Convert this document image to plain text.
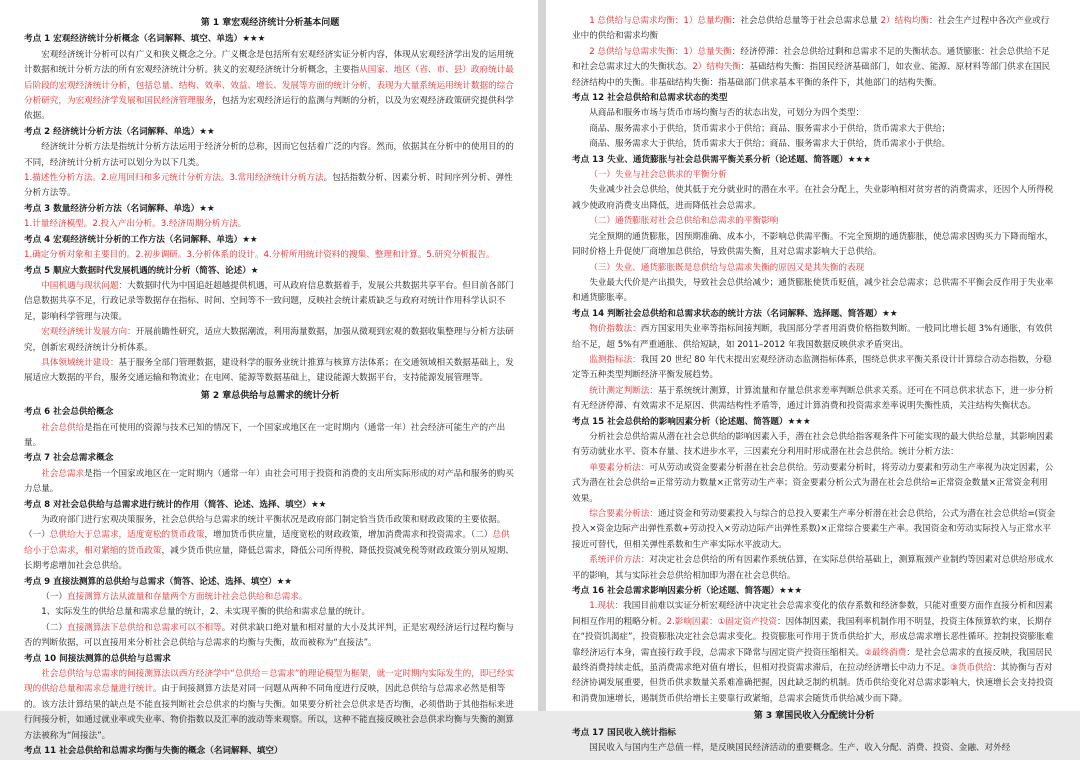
第 1 章宏观经济统计分析基本问题
考点 1 宏观经济统计分析概念（名词解释、填空、单选）★★★

宏观经济统计分析可以有广义和狭义概念之分。广义概念是包括所有宏观经济实证分析内容，体现从宏观经济学出发的运用统计数据和统计分析方法的所有宏观经济统计分析。狭义的宏观经济统计分析概念，主要指从国家、地区（省、市、县）政府统计最后阶段的宏观经济统计分析，包括总量、结构、效率、效益、增长、发展等方面的统计分析，表现为大量系统运用统计数据的综合分析研究，为宏观经济学发展和国民经济管理服务，包括为宏观经济运行的监测与判断的分析，以及为宏观经济政策研究提供科学依据。

考点 2 经济统计分析方法（名词解释、单选）★★

经济统计分析方法是指统计分析方法运用于经济分析的总称，因而它包括着广泛的内容。然而，依据其在分析中的使用目的的不同，经济统计分析方法可以划分为以下几类。

1.描述性分析方法。2.应用回归和多元统计分析方法。3.常用经济统计分析方法。包括指数分析、因素分析、时间序列分析、弹性分析方法等。

考点 3 数量经济分析方法（名词解释、单选）★★

1.计量经济模型。2.投入产出分析。3.经济周期分析方法。

考点 4 宏观经济统计分析的工作方法（名词解释、单选）★★

1.确定分析对象和主要目的。2.初步调研。3.分析体系的设计。4.分析所用统计资料的搜集、整理和计算。5.研究分析报告。

考点 5 顺应大数据时代发展机遇的统计分析（简答、论述）★

中国机遇与现状问题：大数据时代为中国追赶超越提供机遇，可从政府信息数据着手，发展公共数据共享平台。但目前各部门信息数据共享不足，行政记录等数据存在指标、时间、空间等不一致问题，反映社会统计素质缺乏与政府对统计作用科学认识不足，影响科学管理与决策。

宏观经济统计发展方向：开展前瞻性研究，适应大数据潮流，利用海量数据，加强从微观到宏观的数据收集整理与分析方法研究，创新宏观经济统计分析体系。

具体领域统计建设：基于服务全部门管理数据，建设科学的服务业统计推算与核算方法体系；在交通领域相关数据基础上，发展适应大数据的平台，服务交通运输和物流业；在电网、能源等数据基础上，建设能源大数据平台，支持能源发展管理等。

第 2 章总供给与总需求的统计分析
考点 6 社会总供给概念

社会总供给是指在可使用的资源与技术已知的情况下，一个国家或地区在一定时期内（通常一年）社会经济可能生产的产出量。

考点 7 社会总需求概念

社会总需求是指一个国家或地区在一定时期内（通常一年）由社会可用于投资和消费的支出所实际形成的对产品和服务的购买力总量。

考点 8 对社会总供给与总需求进行统计的作用（简答、论述、选择、填空）★★

为政府部门进行宏观决策服务，社会总供给与总需求的统计平衡状况是政府部门制定恰当货币政策和财政政策的主要依据。（一）总供给大于总需求，适度宽松的货币政策，增加货币供应量，适度宽松的财政政策，增加消费需求和投资需求。（二）总供给小于总需求，相对紧缩的货币政策，减少货币供应量，降低总需求，降低公司所得税、降低投资减免税等财政政策分别从短期、长期考虑增加社会总供给。

考点 9 直接法测算的总供给与总需求（简答、论述、选择、填空）★★

（一）直接测算方法从流量和存量两个方面统计社会总供给和总需求。

1、实际发生的供给总量和需求总量的统计，2、未实现平衡的供给和需求总量的统计。

（二）直接测算法下总供给和总需求可以不相等。对供求缺口绝对量和相对量的大小及其评判，正是宏观经济运行过程均衡与否的判断依据，可以直接用来分析社会总供给与总需求的均衡与失衡，故而被称为“直接法”。

考点 10 间接法测算的总供给与总需求

社会总供给与总需求的间接测算法以西方经济学中“总供给＝总需求”的理论模型为框架，就一定时期内实际发生的，即已经实现的供给总量和需求总量进行统计。由于间接测算方法是对同一问题从两种不同角度进行反映，因此总供给与总需求必然是相等的。该方法计算结果的缺点是不能直接判断社会总供求的均衡与失衡。如果要分析社会总供求是否均衡，必须借助于其他指标来进行间接分析，如通过就业率或失业率、物价指数以及汇率的波动等来观察。所以，这种不能直接反映社会总供求均衡与失衡的测算方法被称为“间接法”。

考点 11 社会总供给和总需求均衡与失衡的概念（名词解释、填空）

1 总供给与总需求均衡：1）总量均衡：社会总供给总量等于社会总需求总量 2）结构均衡：社会生产过程中各次产业或行业中的供给和需求均衡

2 总供给与总需求失衡：1）总量失衡：经济停滞：社会总供给过剩和总需求不足的失衡状态。通货膨胀：社会总供给不足和社会总需求过大的失衡状态。2）结构失衡：基础结构失衡：指国民经济基础部门，如农业、能源、原材料等部门供求在国民经济结构中的失衡。非基础结构失衡：指基础部门供求基本平衡的条件下，其他部门的结构失衡。

考点 12 社会总供给和总需求状态的类型

从商品和服务市场与货币市场均衡与否的状态出发，可划分为四个类型：

商品、服务需求小于供给，货币需求小于供给；商品、服务需求小于供给，货币需求大于供给；

商品、服务需求大于供给，货币需求大于供给；商品、服务需求大于供给，货币需求小于供给。

考点 13 失业、通货膨胀与社会总供需平衡关系分析（论述题、简答题）★★★

（一）失业与社会总供求的平衡分析

失业减少社会总供给，使其低于充分就业时的潜在水平。在社会分配上，失业影响相对贫穷者的消费需求，还因个人所得税减少使政府消费支出降低，进而降低社会总需求。

（二）通货膨胀对社会总供给和总需求的平衡影响

完全预期的通货膨胀，因预期准确、成本小，不影响总供需平衡。不完全预期的通货膨胀，使总需求因购买力下降而缩水，同时价格上升促使厂商增加总供给，导致供需失衡，且对总需求影响大于总供给。

（三）失业、通货膨胀既是总供给与总需求失衡的原因又是其失衡的表现

失业最大代价是产出损失，导致社会总供给减少；通货膨胀使货币贬值，减少社会总需求；总供需不平衡会反作用于失业率和通货膨胀率。

考点 14 判断社会总供给和总需求状态的统计方法（名词解释、选择题、简答题）★★

物价指数法：西方国家用失业率等指标间接判断，我国部分学者用消费价格指数判断。一般同比增长超 3%有通胀，有效供给不足，超 5%有严重通胀、供给短缺，如 2011–2012 年我国数据反映供求矛盾突出。

监测指标法：我国 20 世纪 80 年代末提出宏观经济动态监测指标体系，围绕总供求平衡关系设计计算综合动态指数，分稳定等五种类型判断经济平衡发展趋势。

统计测定判断法：基于系统统计测算，计算流量和存量总供求差率判断总供求关系。还可在不同总供求状态下，进一步分析有无经济停滞、有效需求不足原因、供需结构性矛盾等，通过计算消费和投资需求差率说明失衡性质，关注结构失衡状态。

考点 15 社会总供给的影响因素分析（论述题、简答题）★★★

分析社会总供给需从潜在社会总供给的影响因素入手，潜在社会总供给指客观条件下可能实现的最大供给总量，其影响因素有劳动就业水平、资本存量、技术进步水平，三因素充分利用时形成潜在社会总供给。统计分析方法：

单要素分析法：可从劳动或资金要素分析潜在社会总供给。劳动要素分析时，将劳动力要素和劳动生产率视为决定因素，公式为潜在社会总供给=正常劳动力数量×正常劳动生产率；资金要素分析公式为潜在社会总供给=正常资金数量×正常资金利用效果。

综合要素分析法：通过资金和劳动要素投入与综合的总投入要素生产率分析潜在社会总供给，公式为潜在社会总供给=(资金投入×资金边际产出弹性系数+劳动投入×劳动边际产出弹性系数)×正常综合要素生产率。我国资金和劳动实际投入与正常水平接近可替代，但相关弹性系数和生产率实际水平波动大。

系统评价方法：对决定社会总供给的所有因素作系统估算，在实际总供给基础上，测算瓶颈产业制约等因素对总供给形成水平的影响，其与实际社会总供给相加即为潜在社会总供给。

考点 16 社会总需求影响因素分析（论述题、简答题）★★★

1.现状：我国目前难以实证分析宏观经济中决定社会总需求变化的依存系数和经济参数，只能对重要方面作直接分析和因素间相互作用的粗略分析。2.影响因素：①固定资产投资：因体制因素，我国利率机制作用不明显，投资主体预算软约束，长期存在“投资饥渴症”，投资膨胀决定社会总需求变化。投资膨胀可作用于货币供给扩大，形成总需求增长恶性循环。控制投资膨胀难靠经济运行本身，需直接行政手段，总需求下降常与固定资产投资压缩相关。②最终消费：是社会总需求的直接反映，我国居民最终消费持续走低，虽消费需求绝对值有增长，但相对投资需求滞后，在拉动经济增长中动力不足。③货币供给：其协衡与否对经济协调发展重要，但货币供求数量关系难准确把握，因此缺乏制约机制。货币供给变化对总需求影响大，快速增长会支持投资和消费加速增长，遏制货币供给增长主要靠行政紧缩，总需求会随货币供给减少而下降。

第 3 章国民收入分配统计分析
考点 17 国民收入统计指标

国民收入与国内生产总值一样，是反映国民经济活动的重要概念。生产、收入分配、消费、投资、金融、对外经
